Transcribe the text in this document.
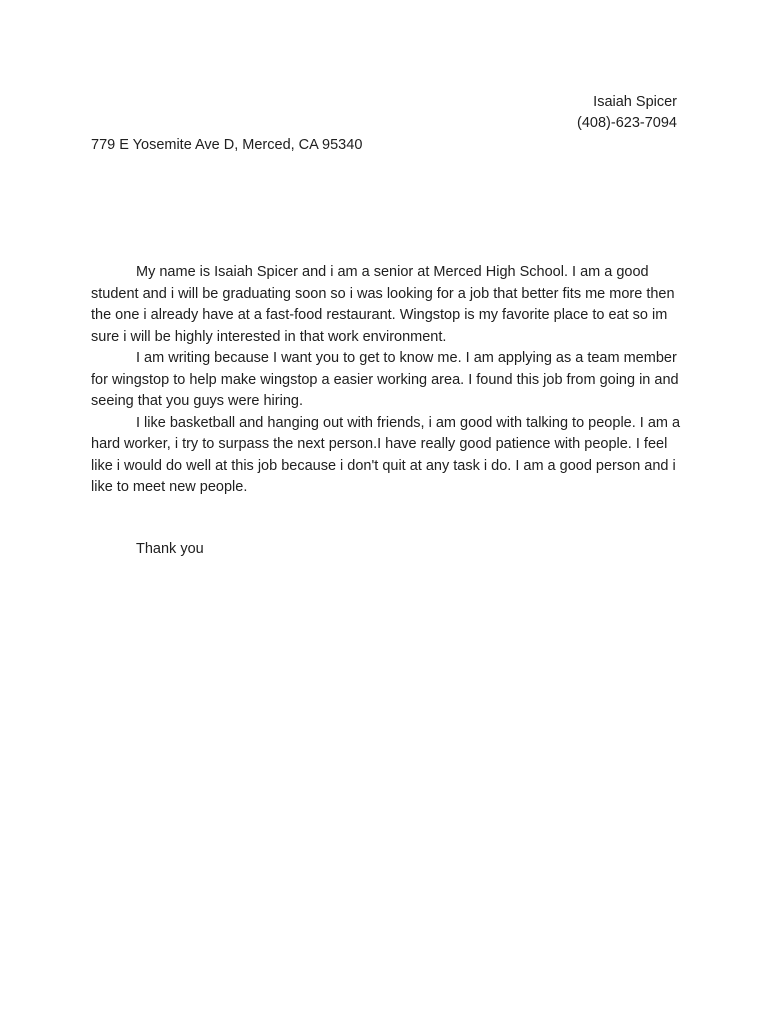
Isaiah Spicer
(408)-623-7094
779 E Yosemite Ave D, Merced, CA 95340

My name is Isaiah Spicer and i am a senior at Merced High School. I am a good student and i will be graduating soon so i was looking for a job that better fits me more then the one i already have at a fast-food restaurant. Wingstop is my favorite place to eat so im sure i will be highly interested in that work environment.

I am writing because I want you to get to know me. I am applying as a team member for wingstop to help make wingstop a easier working area. I found this job from going in and seeing that you guys were hiring.

I like basketball and hanging out with friends, i am good with talking to people. I am a hard worker, i try to surpass the next person.I have really good patience with people. I feel like i would do well at this job because i don't quit at any task i do. I am a good person and i like to meet new people.

Thank you
